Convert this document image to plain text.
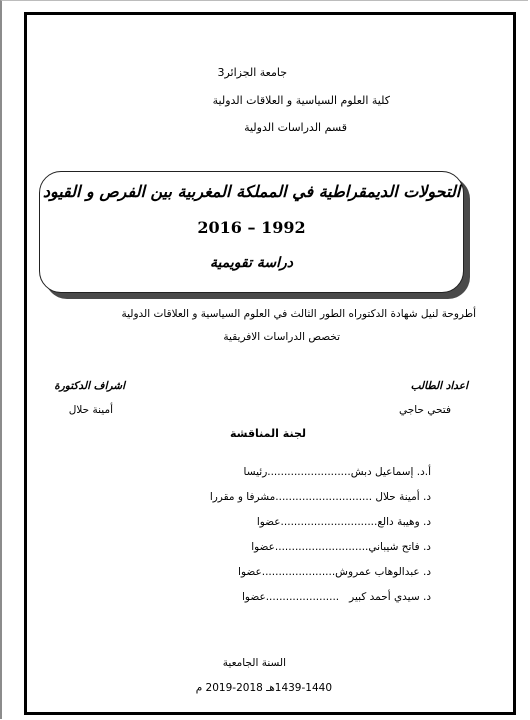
جامعة الجزائر3
كلية العلوم السياسية و العلاقات الدولية
قسم الدراسات الدولية
التحولات الديمقراطية في المملكة المغربية بين الفرص و القيود
1992 – 2016
دراسة تقويمية
أطروحة لنيل شهادة الدكتوراه الطور الثالث في العلوم السياسية و العلاقات الدولية
تخصص الدراسات الافريقية
اعداد الطالب
فتحي حاجي
اشراف الدكتورة
أمينة حلال
لجنة المناقشة
أ.د. إسماعيل دبش.........................رئيسا
د. أمينة حلال .............................مشرفا و مقررا
د. وهيبة دالع.............................عضوا
د. فاتح شيباني............................عضوا
د. عبدالوهاب عمروش......................عضوا
د. سيدي أحمد كبير   ......................عضوا
السنة الجامعية
1439-1440هـ 2018-2019 م
